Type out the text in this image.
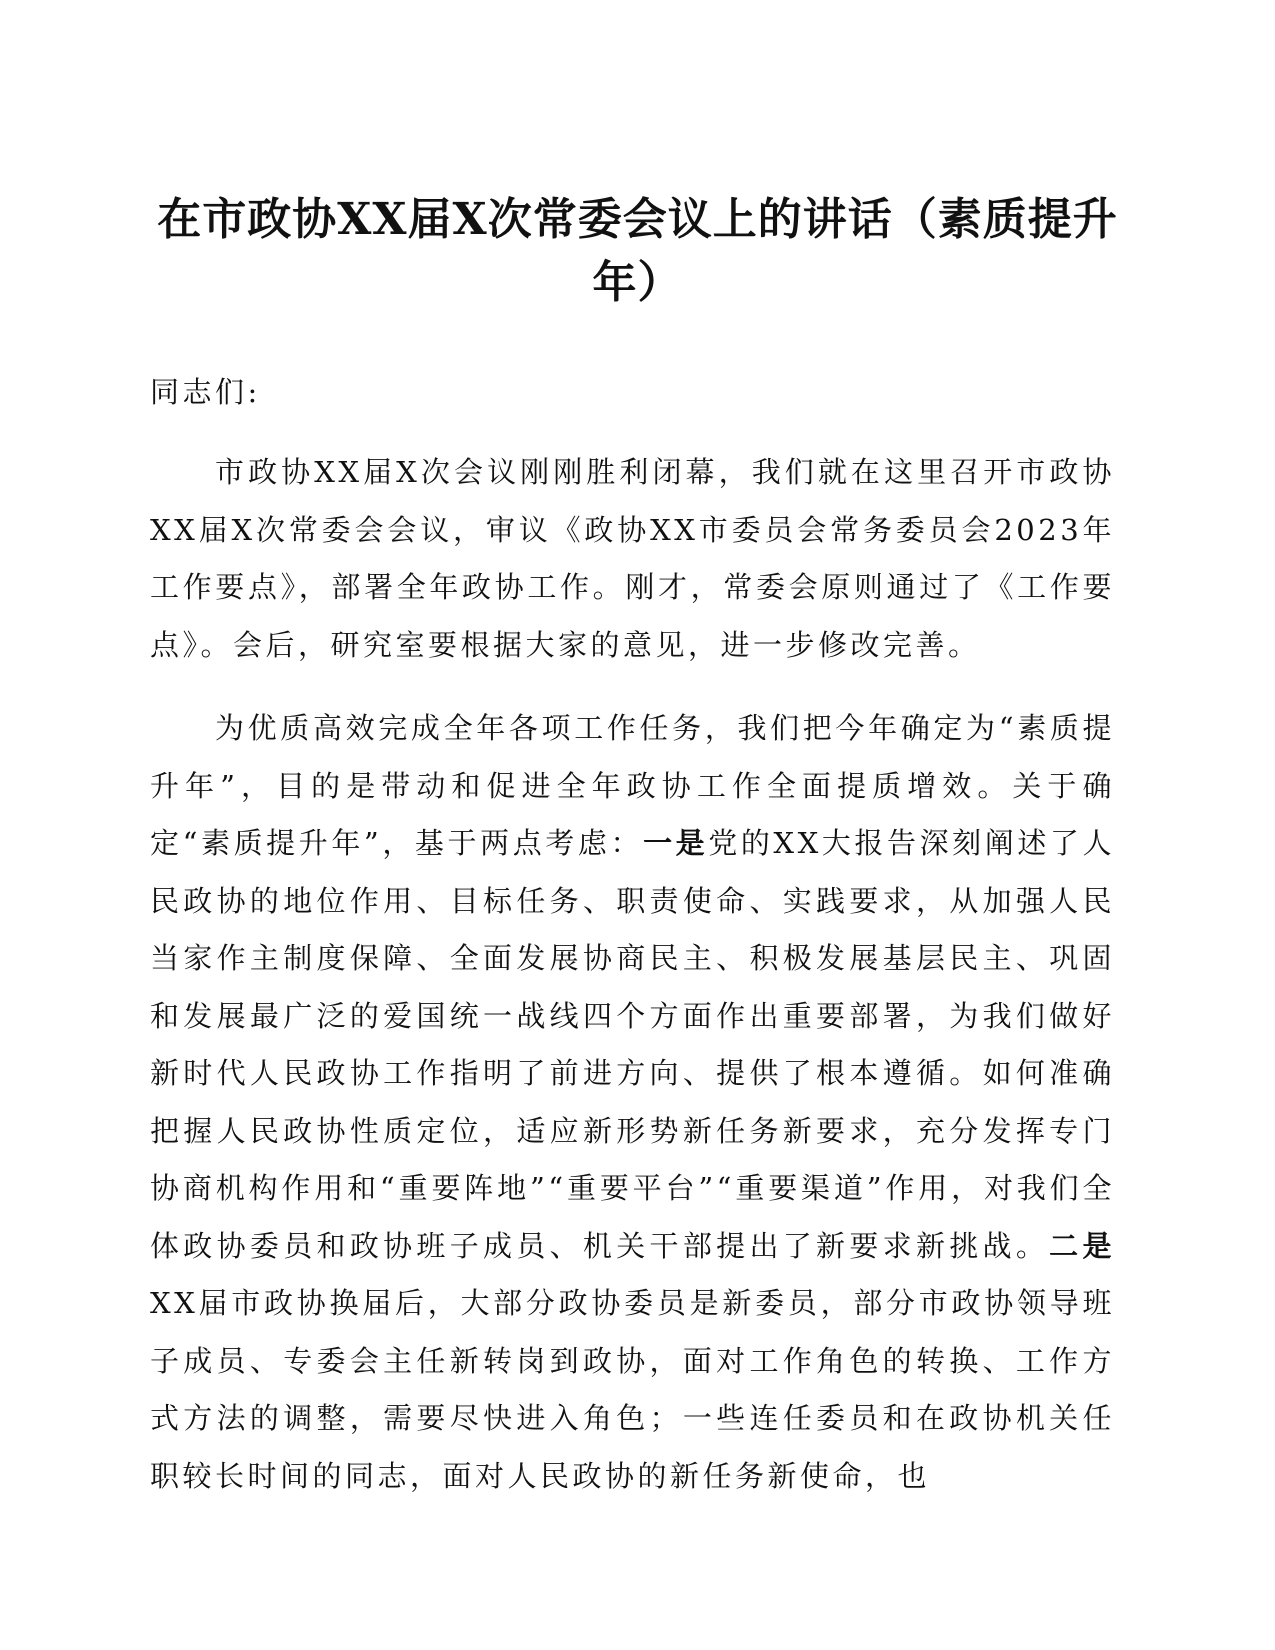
在市政协XX届X次常委会议上的讲话（素质提升年）

同志们:

市政协XX届X次会议刚刚胜利闭幕，我们就在这里召开市政协XX届X次常委会会议，审议《政协XX市委员会常务委员会2023年工作要点》，部署全年政协工作。刚才，常委会原则通过了《工作要点》。会后，研究室要根据大家的意见，进一步修改完善。

为优质高效完成全年各项工作任务，我们把今年确定为“素质提升年”，目的是带动和促进全年政协工作全面提质增效。关于确定“素质提升年”，基于两点考虑：一是党的XX大报告深刻阐述了人民政协的地位作用、目标任务、职责使命、实践要求，从加强人民当家作主制度保障、全面发展协商民主、积极发展基层民主、巩固和发展最广泛的爱国统一战线四个方面作出重要部署，为我们做好新时代人民政协工作指明了前进方向、提供了根本遵循。如何准确把握人民政协性质定位，适应新形势新任务新要求，充分发挥专门协商机构作用和“重要阵地”“重要平台”“重要渠道”作用，对我们全体政协委员和政协班子成员、机关干部提出了新要求新挑战。二是XX届市政协换届后，大部分政协委员是新委员，部分市政协领导班子成员、专委会主任新转岗到政协，面对工作角色的转换、工作方式方法的调整，需要尽快进入角色；一些连任委员和在政协机关任职较长时间的同志，面对人民政协的新任务新使命，也
